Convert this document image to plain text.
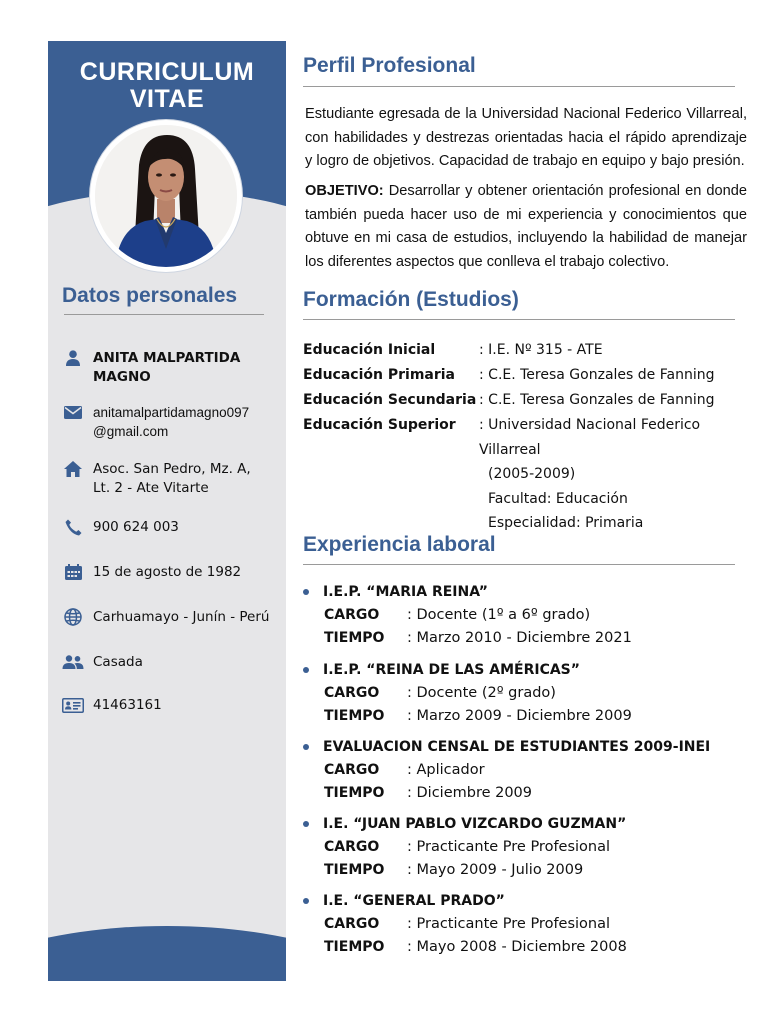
CURRICULUM
VITAE
Datos personales
ANITA MALPARTIDA
MAGNO
anitamalpartidamagno097
@gmail.com
Asoc. San Pedro, Mz. A,
Lt. 2 - Ate Vitarte
900 624 003
15 de agosto de 1982
Carhuamayo - Junín - Perú
Casada
41463161
Perfil Profesional

Estudiante egresada de la Universidad Nacional Federico Villarreal, con habilidades y destrezas orientadas hacia el rápido aprendizaje y logro de objetivos. Capacidad de trabajo en equipo y bajo presión.

OBJETIVO: Desarrollar y obtener orientación profesional en donde también pueda hacer uso de mi experiencia y conocimientos que obtuve en mi casa de estudios, incluyendo la habilidad de manejar los diferentes aspectos que conlleva el trabajo colectivo.

Formación (Estudios)
Educación Inicial	: I.E. Nº 315 - ATE
Educación Primaria	: C.E. Teresa Gonzales de Fanning
Educación Secundaria : C.E. Teresa Gonzales de Fanning
Educación Superior	: Universidad Nacional Federico Villarreal
(2005-2009)
Facultad: Educación
Especialidad: Primaria
Experiencia laboral
I.E.P. “MARIA REINA”
CARGO	: Docente (1º a 6º grado)
TIEMPO	: Marzo 2010 - Diciembre 2021
I.E.P. “REINA DE LAS AMÉRICAS”
CARGO	: Docente (2º grado)
TIEMPO	: Marzo 2009 - Diciembre 2009
EVALUACION CENSAL DE ESTUDIANTES 2009-INEI
CARGO	: Aplicador
TIEMPO	: Diciembre 2009
I.E. “JUAN PABLO VIZCARDO GUZMAN”
CARGO	: Practicante Pre Profesional
TIEMPO	: Mayo 2009 - Julio 2009
I.E. “GENERAL PRADO”
CARGO	: Practicante Pre Profesional
TIEMPO	: Mayo 2008 - Diciembre 2008
